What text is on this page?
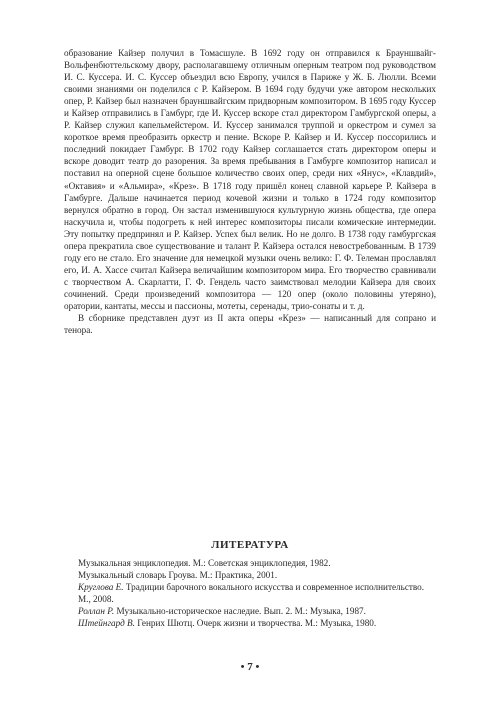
образование Кайзер получил в Томасшуле. В 1692 году он отправился к Брауншвайг-Вольфенбюттельскому двору, располагавшему отличным оперным театром под руководством И. С. Куссера. И. С. Куссер объездил всю Европу, учился в Париже у Ж. Б. Люлли. Всеми своими знаниями он поделился с Р. Кайзером. В 1694 году будучи уже автором нескольких опер, Р. Кайзер был назначен брауншвайгским придворным композитором. В 1695 году Куссер и Кайзер отправились в Гамбург, где И. Куссер вскоре стал директором Гамбургской оперы, а Р. Кайзер служил капельмейстером. И. Куссер занимался труппой и оркестром и сумел за короткое время преобразить оркестр и пение. Вскоре Р. Кайзер и И. Куссер поссорились и последний покидает Гамбург. В 1702 году Кайзер соглашается стать директором оперы и вскоре доводит театр до разорения. За время пребывания в Гамбурге композитор написал и поставил на оперной сцене большое количество своих опер, среди них «Янус», «Клавдий», «Октавия» и «Альмира», «Крез». В 1718 году пришёл конец славной карьере Р. Кайзера в Гамбурге. Дальше начинается период кочевой жизни и только в 1724 году композитор вернулся обратно в город. Он застал изменившуюся культурную жизнь общества, где опера наскучила и, чтобы подогреть к ней интерес композиторы писали комические интермедии. Эту попытку предпринял и Р. Кайзер. Успех был велик. Но не долго. В 1738 году гамбургская опера прекратила свое существование и талант Р. Кайзера остался невостребованным. В 1739 году его не стало. Его значение для немецкой музыки очень велико: Г. Ф. Телеман прославлял его, И. А. Хассе считал Кайзера величайшим композитором мира. Его творчество сравнивали с творчеством А. Скарлатти, Г. Ф. Гендель часто заимствовал мелодии Кайзера для своих сочинений. Среди произведений композитора — 120 опер (около половины утеряно), оратории, кантаты, мессы и пассионы, мотеты, серенады, трио-сонаты и т. д.

В сборнике представлен дуэт из II акта оперы «Крез» — написанный для сопрано и тенора.

ЛИТЕРАТУРА
Музыкальная энциклопедия. М.: Советская энциклопедия, 1982.
Музыкальный словарь Гроува. М.: Практика, 2001.
Круглова Е. Традиции барочного вокального искусства и современное исполнительство. М., 2008.
Роллан Р. Музыкально-историческое наследие. Вып. 2. М.: Музыка, 1987.
Штейнгард В. Генрих Шютц. Очерк жизни и творчества. М.: Музыка, 1980.
• 7 •
